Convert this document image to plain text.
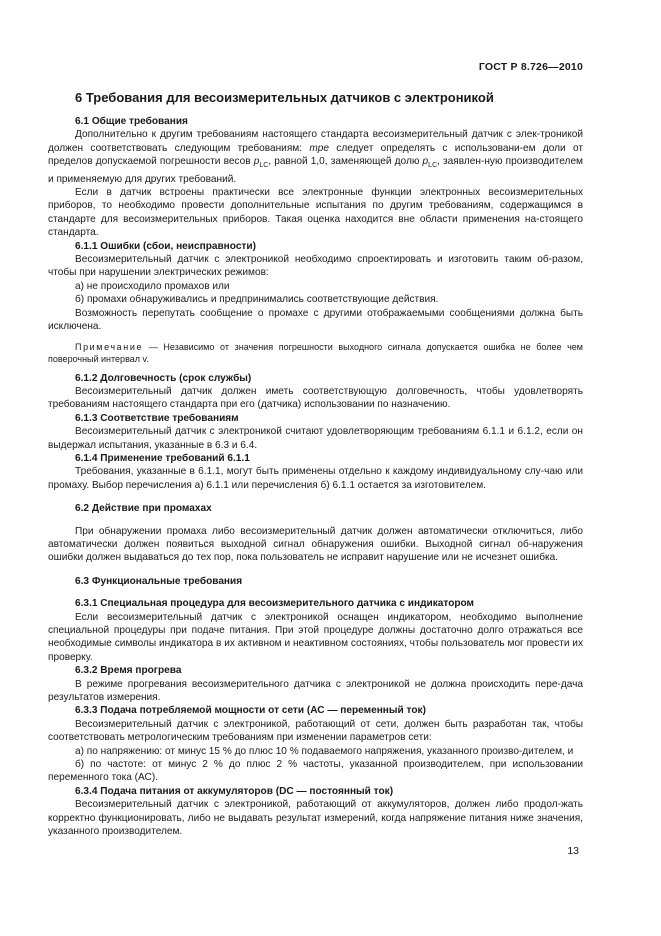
ГОСТ Р 8.726—2010
6 Требования для весоизмерительных датчиков с электроникой
6.1 Общие требования

Дополнительно к другим требованиям настоящего стандарта весоизмерительный датчик с элек-троникой должен соответствовать следующим требованиям: mpe следует определять с использовани-ем доли от пределов допускаемой погрешности весов $p_{LC}$, равной 1,0, заменяющей долю $p_{LC}$, заявлен-ную производителем и применяемую для других требований.

Если в датчик встроены практически все электронные функции электронных весоизмерительных приборов, то необходимо провести дополнительные испытания по другим требованиям, содержащимся в стандарте для весоизмерительных приборов. Такая оценка находится вне области применения на-стоящего стандарта.

6.1.1 Ошибки (сбои, неисправности)

Весоизмерительный датчик с электроникой необходимо спроектировать и изготовить таким об-разом, чтобы при нарушении электрических режимов:

а) не происходило промахов или

б) промахи обнаруживались и предпринимались соответствующие действия.

Возможность перепутать сообщение о промахе с другими отображаемыми сообщениями должна быть исключена.

Примечание — Независимо от значения погрешности выходного сигнала допускается ошибка не более чем поверочный интервал v.
6.1.2 Долговечность (срок службы)

Весоизмерительный датчик должен иметь соответствующую долговечность, чтобы удовлетворять требованиям настоящего стандарта при его (датчика) использовании по назначению.

6.1.3 Соответствие требованиям

Весоизмерительный датчик с электроникой считают удовлетворяющим требованиям 6.1.1 и 6.1.2, если он выдержал испытания, указанные в 6.3 и 6.4.

6.1.4 Применение требований 6.1.1

Требования, указанные в 6.1.1, могут быть применены отдельно к каждому индивидуальному слу-чаю или промаху. Выбор перечисления а) 6.1.1 или перечисления б) 6.1.1 остается за изготовителем.

6.2 Действие при промахах

При обнаружении промаха либо весоизмерительный датчик должен автоматически отключиться, либо автоматически должен появиться выходной сигнал обнаружения ошибки. Выходной сигнал об-наружения ошибки должен выдаваться до тех пор, пока пользователь не исправит нарушение или не исчезнет ошибка.

6.3 Функциональные требования
6.3.1 Специальная процедура для весоизмерительного датчика с индикатором

Если весоизмерительный датчик с электроникой оснащен индикатором, необходимо выполнение специальной процедуры при подаче питания. При этой процедуре должны достаточно долго отражаться все необходимые символы индикатора в их активном и неактивном состояниях, чтобы пользователь мог провести их проверку.

6.3.2 Время прогрева

В режиме прогревания весоизмерительного датчика с электроникой не должна происходить пере-дача результатов измерения.

6.3.3 Подача потребляемой мощности от сети (АС — переменный ток)

Весоизмерительный датчик с электроникой, работающий от сети, должен быть разработан так, чтобы соответствовать метрологическим требованиям при изменении параметров сети:

а) по напряжению: от минус 15 % до плюс 10 % подаваемого напряжения, указанного произво-дителем, и

б) по частоте: от минус 2 % до плюс 2 % частоты, указанной производителем, при использовании переменного тока (АС).

6.3.4 Подача питания от аккумуляторов (DC — постоянный ток)

Весоизмерительный датчик с электроникой, работающий от аккумуляторов, должен либо продол-жать корректно функционировать, либо не выдавать результат измерений, когда напряжение питания ниже значения, указанного производителем.

13
